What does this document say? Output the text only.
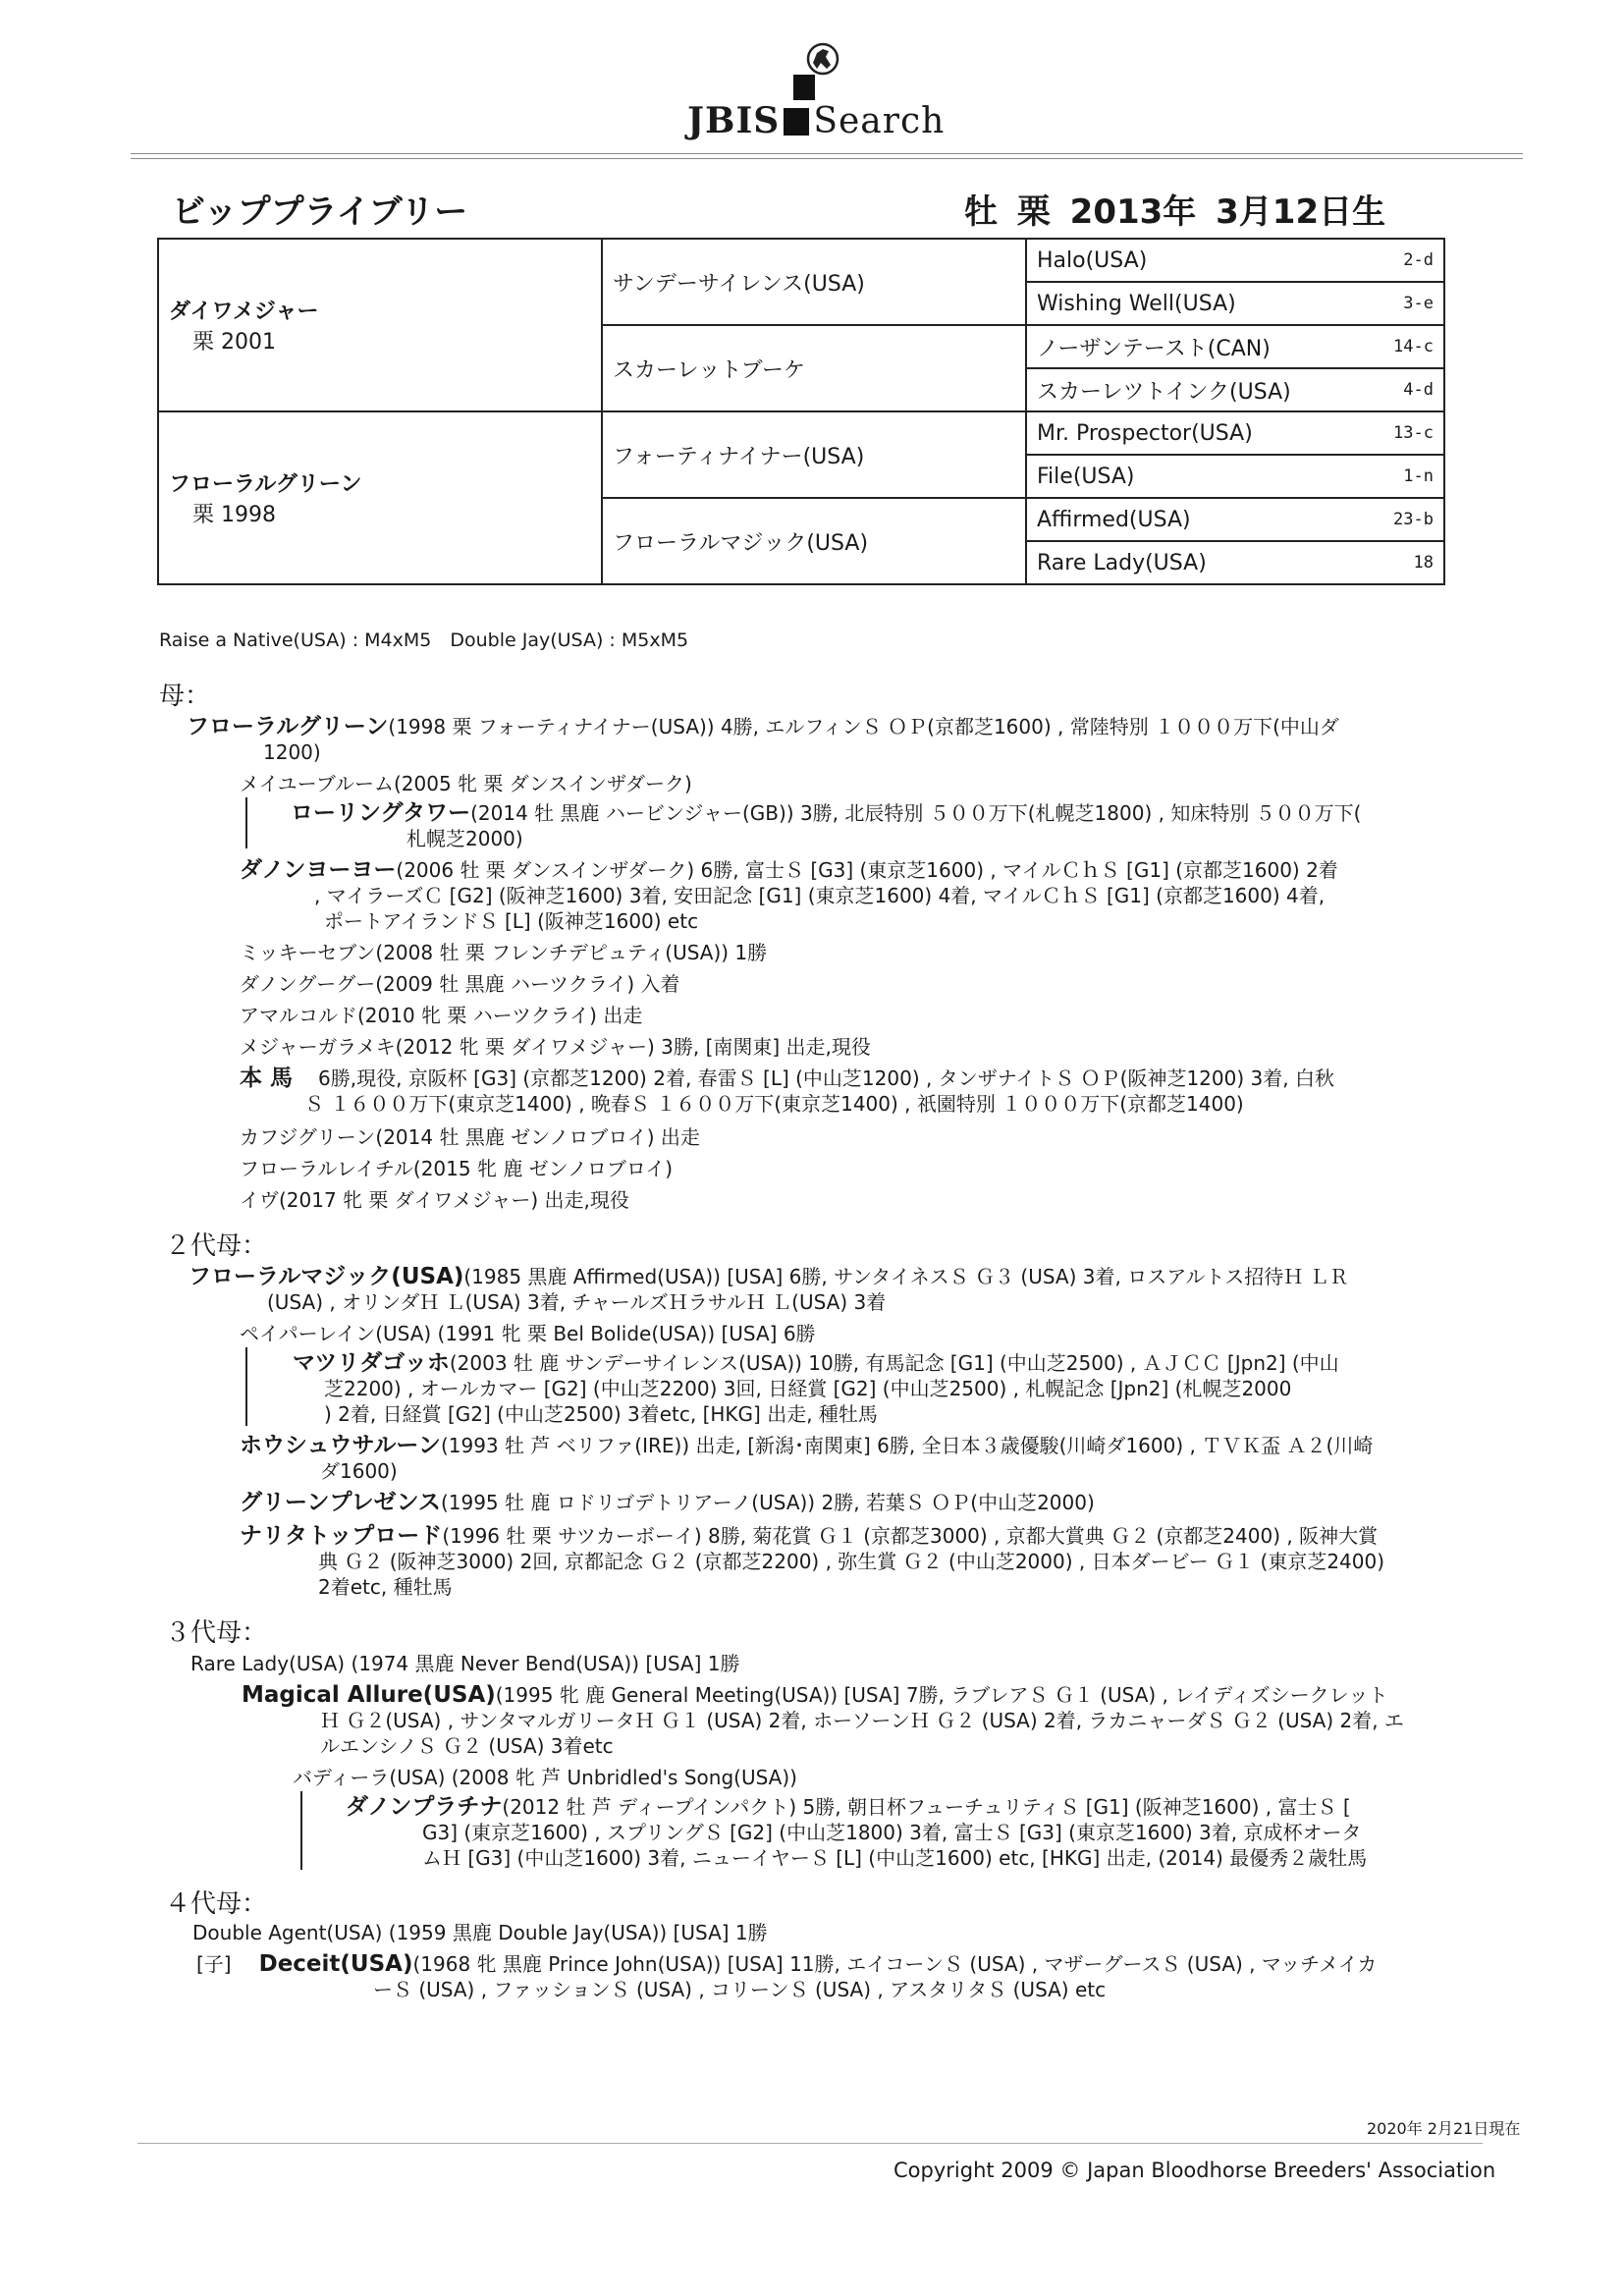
JBIS Search
ビッププライブリー	牡 栗 2013年 3月12日生
ダイワメジャー
栗 2001	サンデーサイレンス(USA)	Halo(USA) 2-d

		Wishing Well(USA) 3-e

	スカーレットブーケ	ノーザンテースト(CAN) 14-c

		スカーレツトインク(USA) 4-d

フローラルグリーン
栗 1998	フォーティナイナー(USA)	Mr. Prospector(USA) 13-c

		File(USA) 1-n

	フローラルマジック(USA)	Affirmed(USA) 23-b

		Rare Lady(USA) 18
Raise a Native(USA) : M4xM5　Double Jay(USA) : M5xM5
母：
フローラルグリーン(1998 栗 フォーティナイナー(USA)) 4勝, エルフィンＳ ＯＰ(京都芝1600) , 常陸特別 １０００万下(中山ダ
1200)
メイユーブルーム(2005 牝 栗 ダンスインザダーク)
ローリングタワー(2014 牡 黒鹿 ハービンジャー(GB)) 3勝, 北辰特別 ５００万下(札幌芝1800) , 知床特別 ５００万下(
札幌芝2000)
ダノンヨーヨー(2006 牡 栗 ダンスインザダーク) 6勝, 富士Ｓ [G3] (東京芝1600) , マイルＣｈＳ [G1] (京都芝1600) 2着
, マイラーズＣ [G2] (阪神芝1600) 3着, 安田記念 [G1] (東京芝1600) 4着, マイルＣｈＳ [G1] (京都芝1600) 4着,
ポートアイランドＳ [L] (阪神芝1600) etc
ミッキーセブン(2008 牡 栗 フレンチデピュティ(USA)) 1勝
ダノングーグー(2009 牡 黒鹿 ハーツクライ) 入着
アマルコルド(2010 牝 栗 ハーツクライ) 出走
メジャーガラメキ(2012 牝 栗 ダイワメジャー) 3勝, [南関東] 出走,現役
本 馬 6勝,現役, 京阪杯 [G3] (京都芝1200) 2着, 春雷Ｓ [L] (中山芝1200) , タンザナイトＳ ＯＰ(阪神芝1200) 3着, 白秋
Ｓ １６００万下(東京芝1400) , 晩春Ｓ １６００万下(東京芝1400) , 祇園特別 １０００万下(京都芝1400)
カフジグリーン(2014 牡 黒鹿 ゼンノロブロイ) 出走
フローラルレイチル(2015 牝 鹿 ゼンノロブロイ)
イヴ(2017 牝 栗 ダイワメジャー) 出走,現役
２代母：
フローラルマジック(USA)(1985 黒鹿 Affirmed(USA)) [USA] 6勝, サンタイネスＳ Ｇ３ (USA) 3着, ロスアルトス招待Ｈ ＬＲ
(USA) , オリンダＨ Ｌ(USA) 3着, チャールズＨラサルＨ Ｌ(USA) 3着
ペイパーレイン(USA) (1991 牝 栗 Bel Bolide(USA)) [USA] 6勝
マツリダゴッホ(2003 牡 鹿 サンデーサイレンス(USA)) 10勝, 有馬記念 [G1] (中山芝2500) , ＡＪＣＣ [Jpn2] (中山
芝2200) , オールカマー [G2] (中山芝2200) 3回, 日経賞 [G2] (中山芝2500) , 札幌記念 [Jpn2] (札幌芝2000
) 2着, 日経賞 [G2] (中山芝2500) 3着etc, [HKG] 出走, 種牡馬
ホウシュウサルーン(1993 牡 芦 ベリファ(IRE)) 出走, [新潟･南関東] 6勝, 全日本３歳優駿(川崎ダ1600) , ＴＶＫ盃 Ａ２(川崎
ダ1600)
グリーンプレゼンス(1995 牡 鹿 ロドリゴデトリアーノ(USA)) 2勝, 若葉Ｓ ＯＰ(中山芝2000)
ナリタトップロード(1996 牡 栗 サツカーボーイ) 8勝, 菊花賞 Ｇ１ (京都芝3000) , 京都大賞典 Ｇ２ (京都芝2400) , 阪神大賞
典 Ｇ２ (阪神芝3000) 2回, 京都記念 Ｇ２ (京都芝2200) , 弥生賞 Ｇ２ (中山芝2000) , 日本ダービー Ｇ１ (東京芝2400)
2着etc, 種牡馬
３代母：
Rare Lady(USA) (1974 黒鹿 Never Bend(USA)) [USA] 1勝
Magical Allure(USA)(1995 牝 鹿 General Meeting(USA)) [USA] 7勝, ラブレアＳ Ｇ１ (USA) , レイディズシークレット
Ｈ Ｇ２(USA) , サンタマルガリータＨ Ｇ１ (USA) 2着, ホーソーンＨ Ｇ２ (USA) 2着, ラカニャーダＳ Ｇ２ (USA) 2着, エ
ルエンシノＳ Ｇ２ (USA) 3着etc
バディーラ(USA) (2008 牝 芦 Unbridled's Song(USA))
ダノンプラチナ(2012 牡 芦 ディープインパクト) 5勝, 朝日杯フューチュリティＳ [G1] (阪神芝1600) , 富士Ｓ [
G3] (東京芝1600) , スプリングＳ [G2] (中山芝1800) 3着, 富士Ｓ [G3] (東京芝1600) 3着, 京成杯オータ
ムＨ [G3] (中山芝1600) 3着, ニューイヤーＳ [L] (中山芝1600) etc, [HKG] 出走, (2014) 最優秀２歳牡馬
４代母：
Double Agent(USA) (1959 黒鹿 Double Jay(USA)) [USA] 1勝
[子] Deceit(USA)(1968 牝 黒鹿 Prince John(USA)) [USA] 11勝, エイコーンＳ (USA) , マザーグースＳ (USA) , マッチメイカ
ーＳ (USA) , ファッションＳ (USA) , コリーンＳ (USA) , アスタリタＳ (USA) etc
2020年 2月21日現在
Copyright 2009 © Japan Bloodhorse Breeders' Association
